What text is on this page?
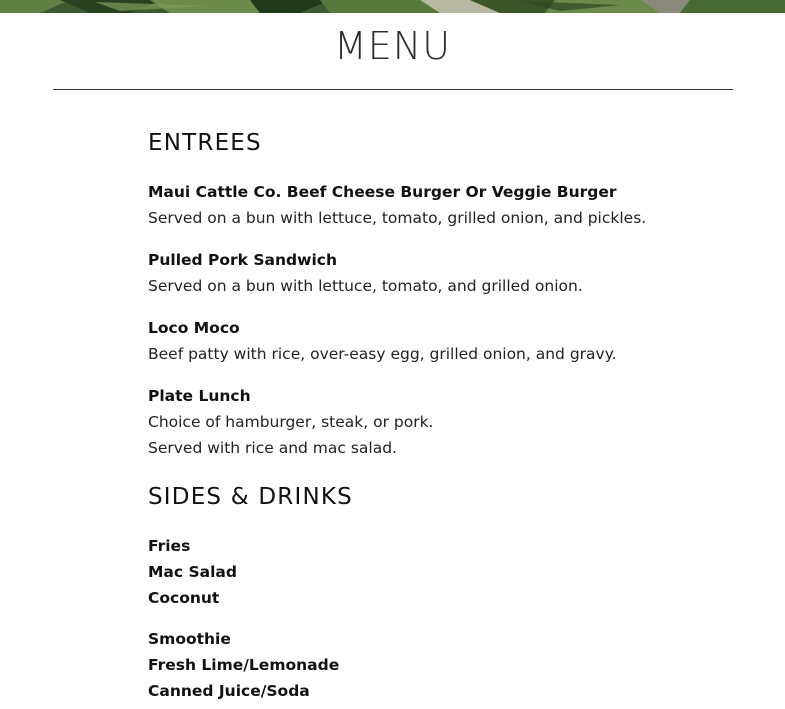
MENU
ENTREES

Maui Cattle Co. Beef Cheese Burger Or Veggie Burger

Served on a bun with lettuce, tomato, grilled onion, and pickles.

Pulled Pork Sandwich

Served on a bun with lettuce, tomato, and grilled onion.

Loco Moco

Beef patty with rice, over-easy egg, grilled onion, and gravy.

Plate Lunch

Choice of hamburger, steak, or pork.

Served with rice and mac salad.

SIDES & DRINKS

Fries

Mac Salad

Coconut

Smoothie

Fresh Lime/Lemonade

Canned Juice/Soda
